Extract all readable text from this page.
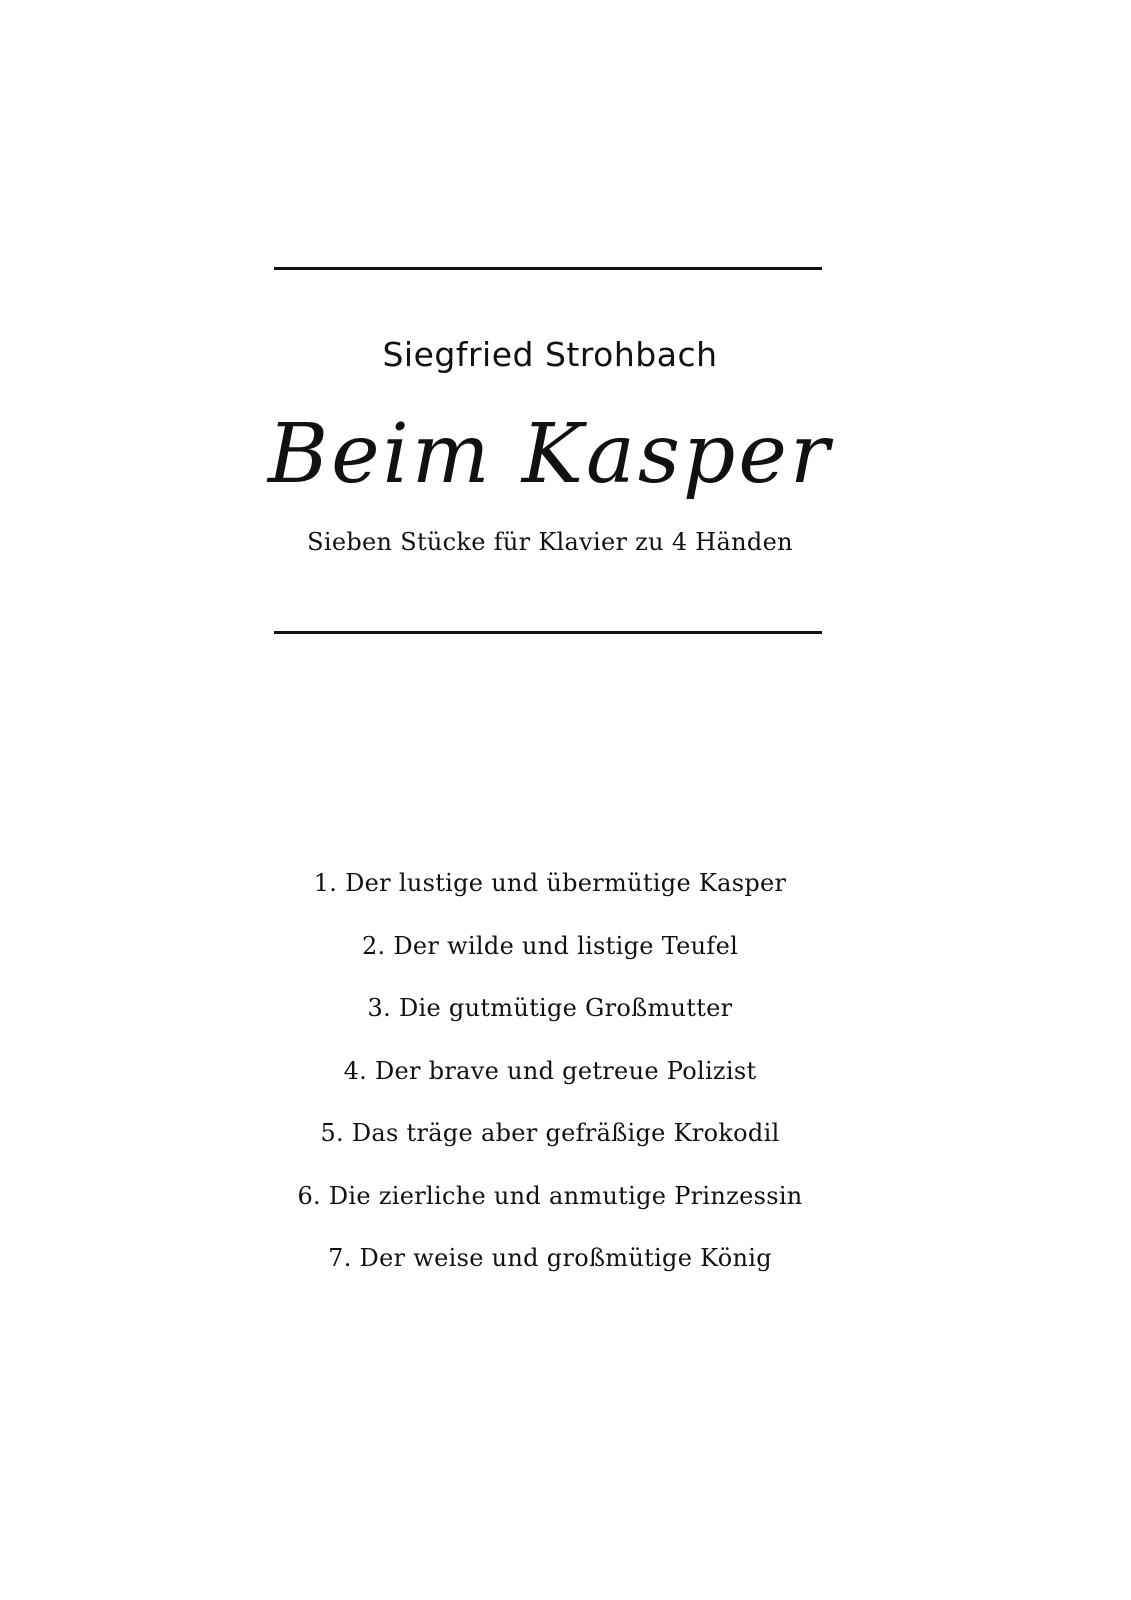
Siegfried Strohbach
Beim Kasper
Sieben Stücke für Klavier zu 4 Händen
1. Der lustige und übermütige Kasper
2. Der wilde und listige Teufel
3. Die gutmütige Großmutter
4. Der brave und getreue Polizist
5. Das träge aber gefräßige Krokodil
6. Die zierliche und anmutige Prinzessin
7. Der weise und großmütige König
